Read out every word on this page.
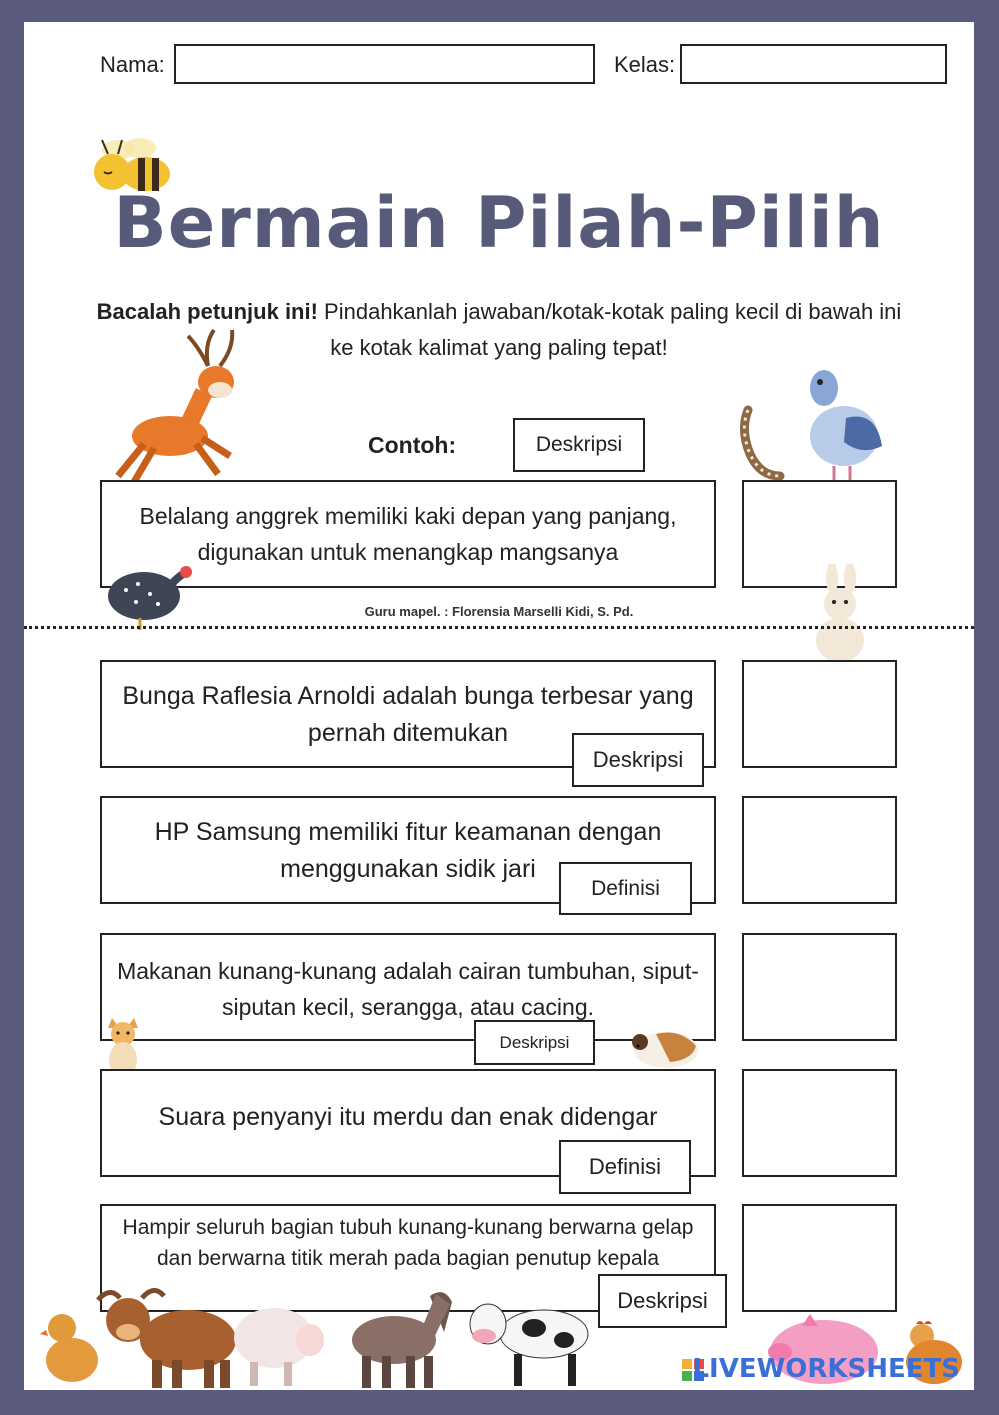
Nama:	Kelas:
Bermain Pilah-Pilih
Bacalah petunjuk ini! Pindahkanlah jawaban/kotak-kotak paling kecil di bawah ini ke kotak kalimat yang paling tepat!
Contoh:	Deskripsi
Belalang anggrek memiliki kaki depan yang panjang, digunakan untuk menangkap mangsanya
Guru mapel. : Florensia Marselli Kidi, S. Pd.
Bunga Raflesia Arnoldi adalah bunga terbesar yang pernah ditemukan
Deskripsi
HP Samsung memiliki fitur keamanan dengan menggunakan sidik jari
Definisi
Makanan kunang-kunang adalah cairan tumbuhan, siput-siputan kecil, serangga, atau cacing.
Deskripsi
Suara penyanyi itu merdu dan enak didengar
Definisi
Hampir seluruh bagian tubuh kunang-kunang berwarna gelap dan berwarna titik merah pada bagian penutup kepala
Deskripsi
LIVEWORKSHEETS
